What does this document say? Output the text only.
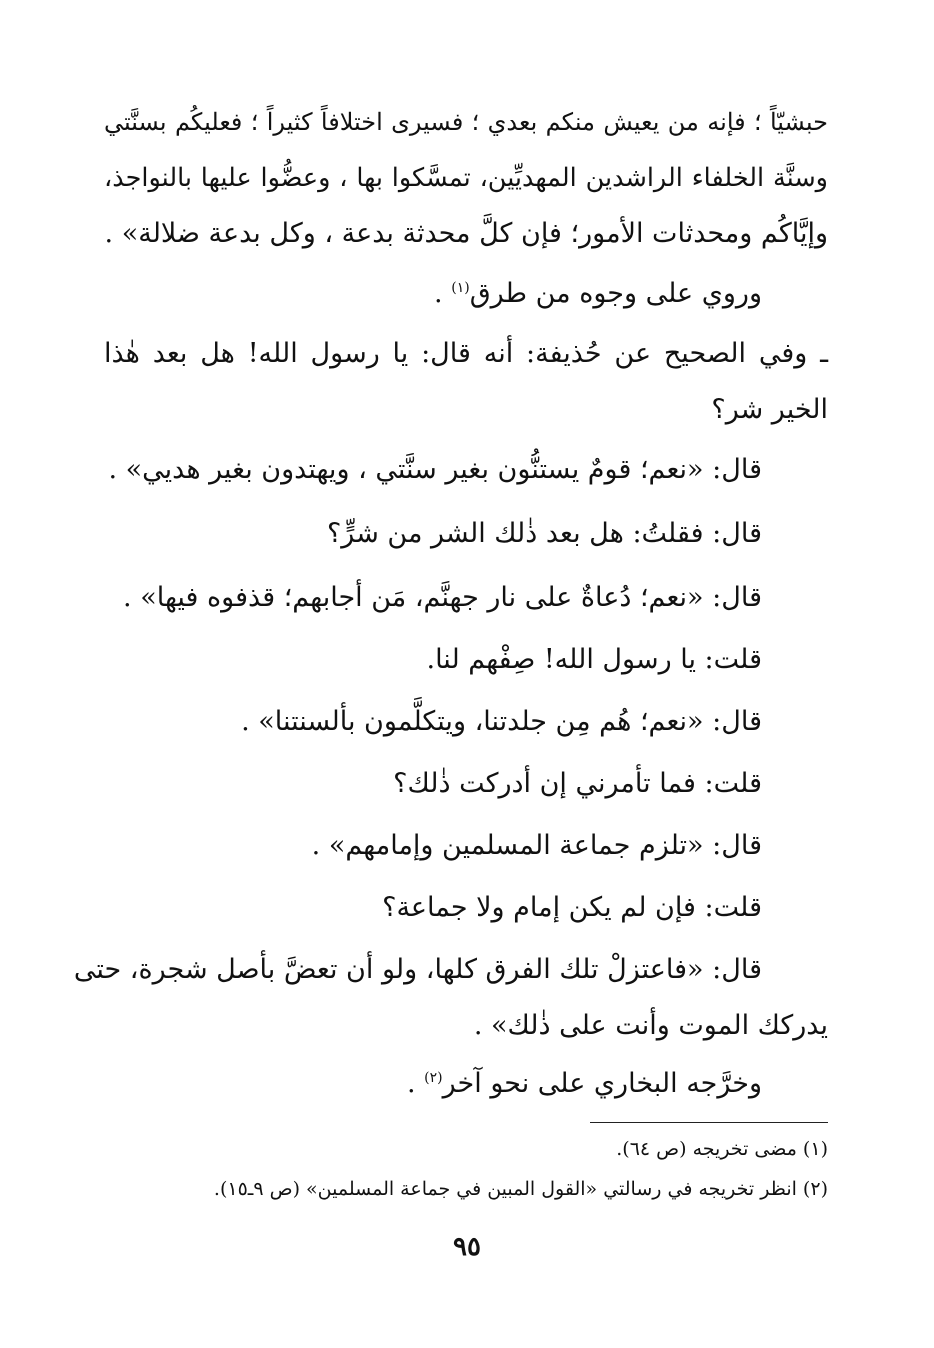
حبشيّاً ؛ فإنه من يعيش منكم بعدي ؛ فسيرى اختلافاً كثيراً ؛ فعليكُم بسنَّتي
وسنَّة الخلفاء الراشدين المهديِّين، تمسَّكوا بها ، وعضُّوا عليها بالنواجذ،
وإيَّاكُم ومحدثات الأمور؛ فإن كلَّ محدثة بدعة ، وكل بدعة ضلالة» .
وروي على وجوه من طرق$^{(١)}$ .
ـ وفي الصحيح عن حُذيفة: أنه قال: يا رسول الله! هل بعد هٰذا
الخير شر؟
قال: «نعم؛ قومٌ يستنُّون بغير سنَّتي ، ويهتدون بغير هديي» .
قال: فقلتُ: هل بعد ذٰلك الشر من شرٍّ؟
قال: «نعم؛ دُعاةٌ على نار جهنَّم، مَن أجابهم؛ قذفوه فيها» .
قلت: يا رسول الله! صِفْهم لنا.
قال: «نعم؛ هُم مِن جلدتنا، ويتكلَّمون بألسنتنا» .
قلت: فما تأمرني إن أدركت ذٰلك؟
قال: «تلزم جماعة المسلمين وإمامهم» .
قلت: فإن لم يكن إمام ولا جماعة؟
قال: «فاعتزلْ تلك الفرق كلها، ولو أن تعضَّ بأصل شجرة، حتى
يدركك الموت وأنت على ذٰلك» .
وخرَّجه البخاري على نحو آخر$^{(٢)}$ .
(١) مضى تخريجه (ص ٦٤).
(٢) انظر تخريجه في رسالتي «القول المبين في جماعة المسلمين» (ص ٩ـ١٥).
٩٥
